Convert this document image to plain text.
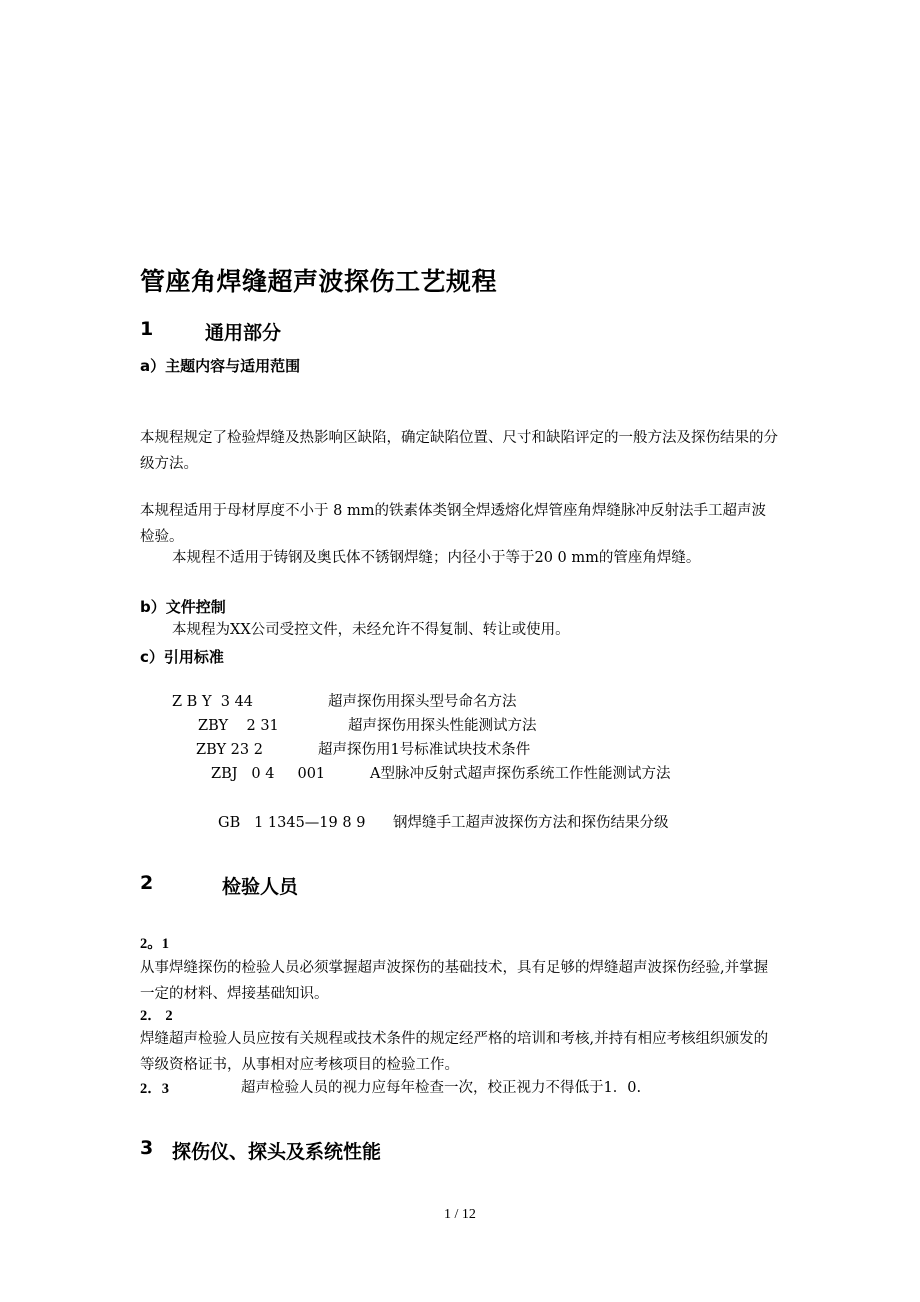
管座角焊缝超声波探伤工艺规程
1	通用部分
a）主题内容与适用范围
本规程规定了检验焊缝及热影响区缺陷，确定缺陷位置、尺寸和缺陷评定的一般方法及探伤结果的分级方法。
本规程适用于母材厚度不小于 8 mm的铁素体类钢全焊透熔化焊管座角焊缝脉冲反射法手工超声波检验。
本规程不适用于铸钢及奥氏体不锈钢焊缝；内径小于等于20 0 mm的管座角焊缝。
b）文件控制
本规程为XX公司受控文件，未经允许不得复制、转让或使用。
c）引用标准
Z B Y  3 44	超声探伤用探头型号命名方法
ZBY    2 31	超声探伤用探头性能测试方法
ZBY 23 2	超声探伤用1号标准试块技术条件
ZBJ   0 4     001	A型脉冲反射式超声探伤系统工作性能测试方法
GB   1 1345—19 8 9 钢焊缝手工超声波探伤方法和探伤结果分级
2	检验人员
2。1
从事焊缝探伤的检验人员必须掌握超声波探伤的基础技术，具有足够的焊缝超声波探伤经验,并掌握一定的材料、焊接基础知识。
2． 2
焊缝超声检验人员应按有关规程或技术条件的规定经严格的培训和考核,并持有相应考核组织颁发的等级资格证书，从事相对应考核项目的检验工作。
2．3	超声检验人员的视力应每年检查一次，校正视力不得低于1．0.
3 探伤仪、探头及系统性能
1 / 12
